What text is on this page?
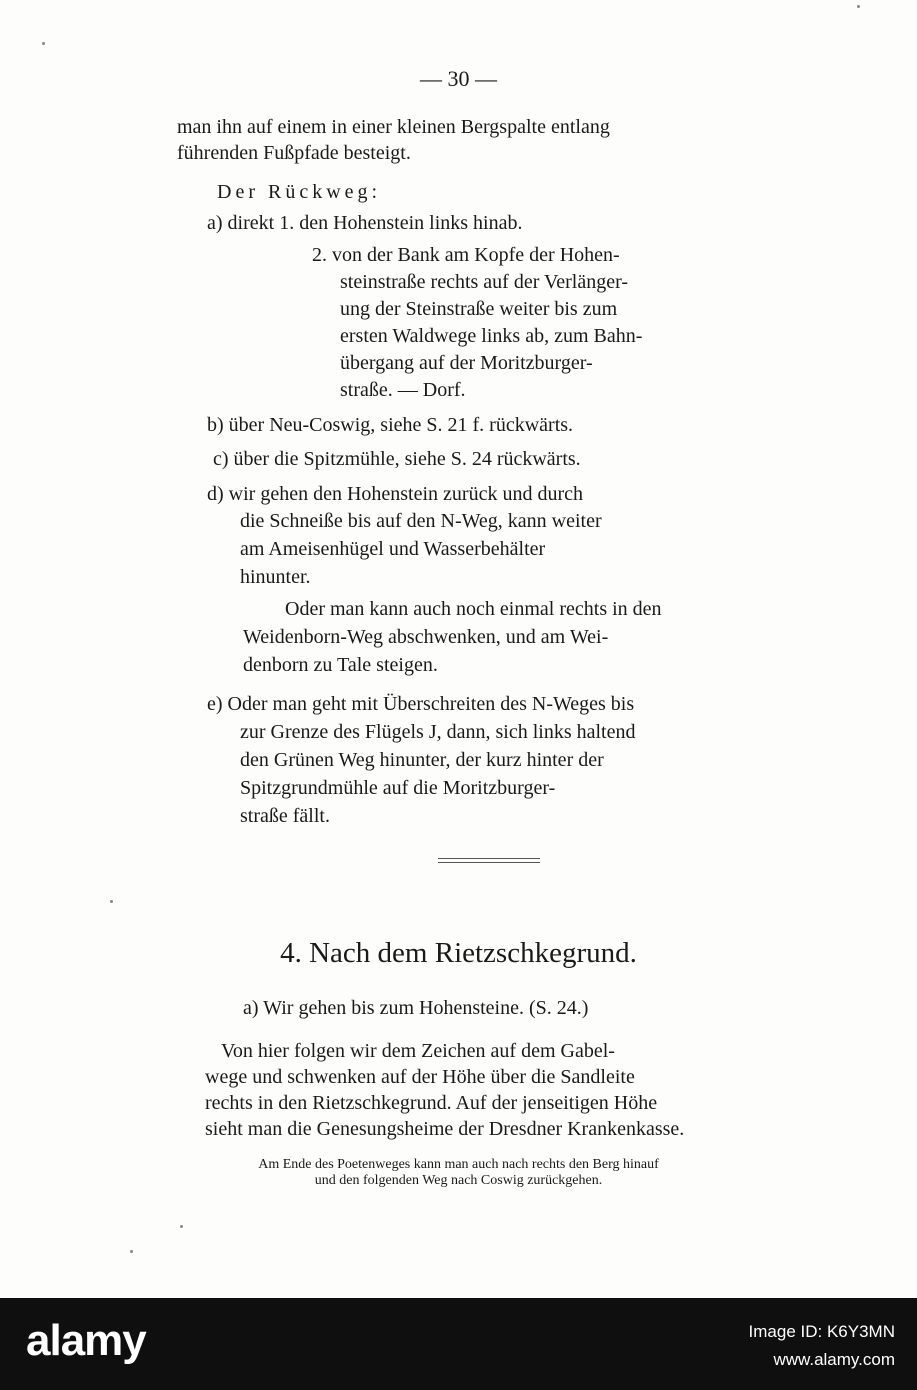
— 30 —
man ihn auf einem in einer kleinen Bergspalte entlang
führenden Fußpfade besteigt.
Der Rückweg:
a) direkt 1. den Hohenstein links hinab.
2. von der Bank am Kopfe der Hohen-
steinstraße rechts auf der Verlänger-
ung der Steinstraße weiter bis zum
ersten Waldwege links ab, zum Bahn-
übergang auf der Moritzburger-
straße. — Dorf.
b) über Neu-Coswig, siehe S. 21 f. rückwärts.
c) über die Spitzmühle, siehe S. 24 rückwärts.
d) wir gehen den Hohenstein zurück und durch
die Schneiße bis auf den N-Weg, kann weiter
am Ameisenhügel und Wasserbehälter
hinunter.
Oder man kann auch noch einmal rechts in den
Weidenborn-Weg abschwenken, und am Wei-
denborn zu Tale steigen.
e) Oder man geht mit Überschreiten des N-Weges bis
zur Grenze des Flügels J, dann, sich links haltend
den Grünen Weg hinunter, der kurz hinter der
Spitzgrundmühle auf die Moritzburger-
straße fällt.
4. Nach dem Rietzschkegrund.
a) Wir gehen bis zum Hohensteine. (S. 24.)
Von hier folgen wir dem Zeichen auf dem Gabel-
wege und schwenken auf der Höhe über die Sandleite
rechts in den Rietzschkegrund. Auf der jenseitigen Höhe
sieht man die Genesungsheime der Dresdner Krankenkasse.
Am Ende des Poetenweges kann man auch nach rechts den Berg hinauf
und den folgenden Weg nach Coswig zurückgehen.
alamy	Image ID: K6Y3MN
www.alamy.com
